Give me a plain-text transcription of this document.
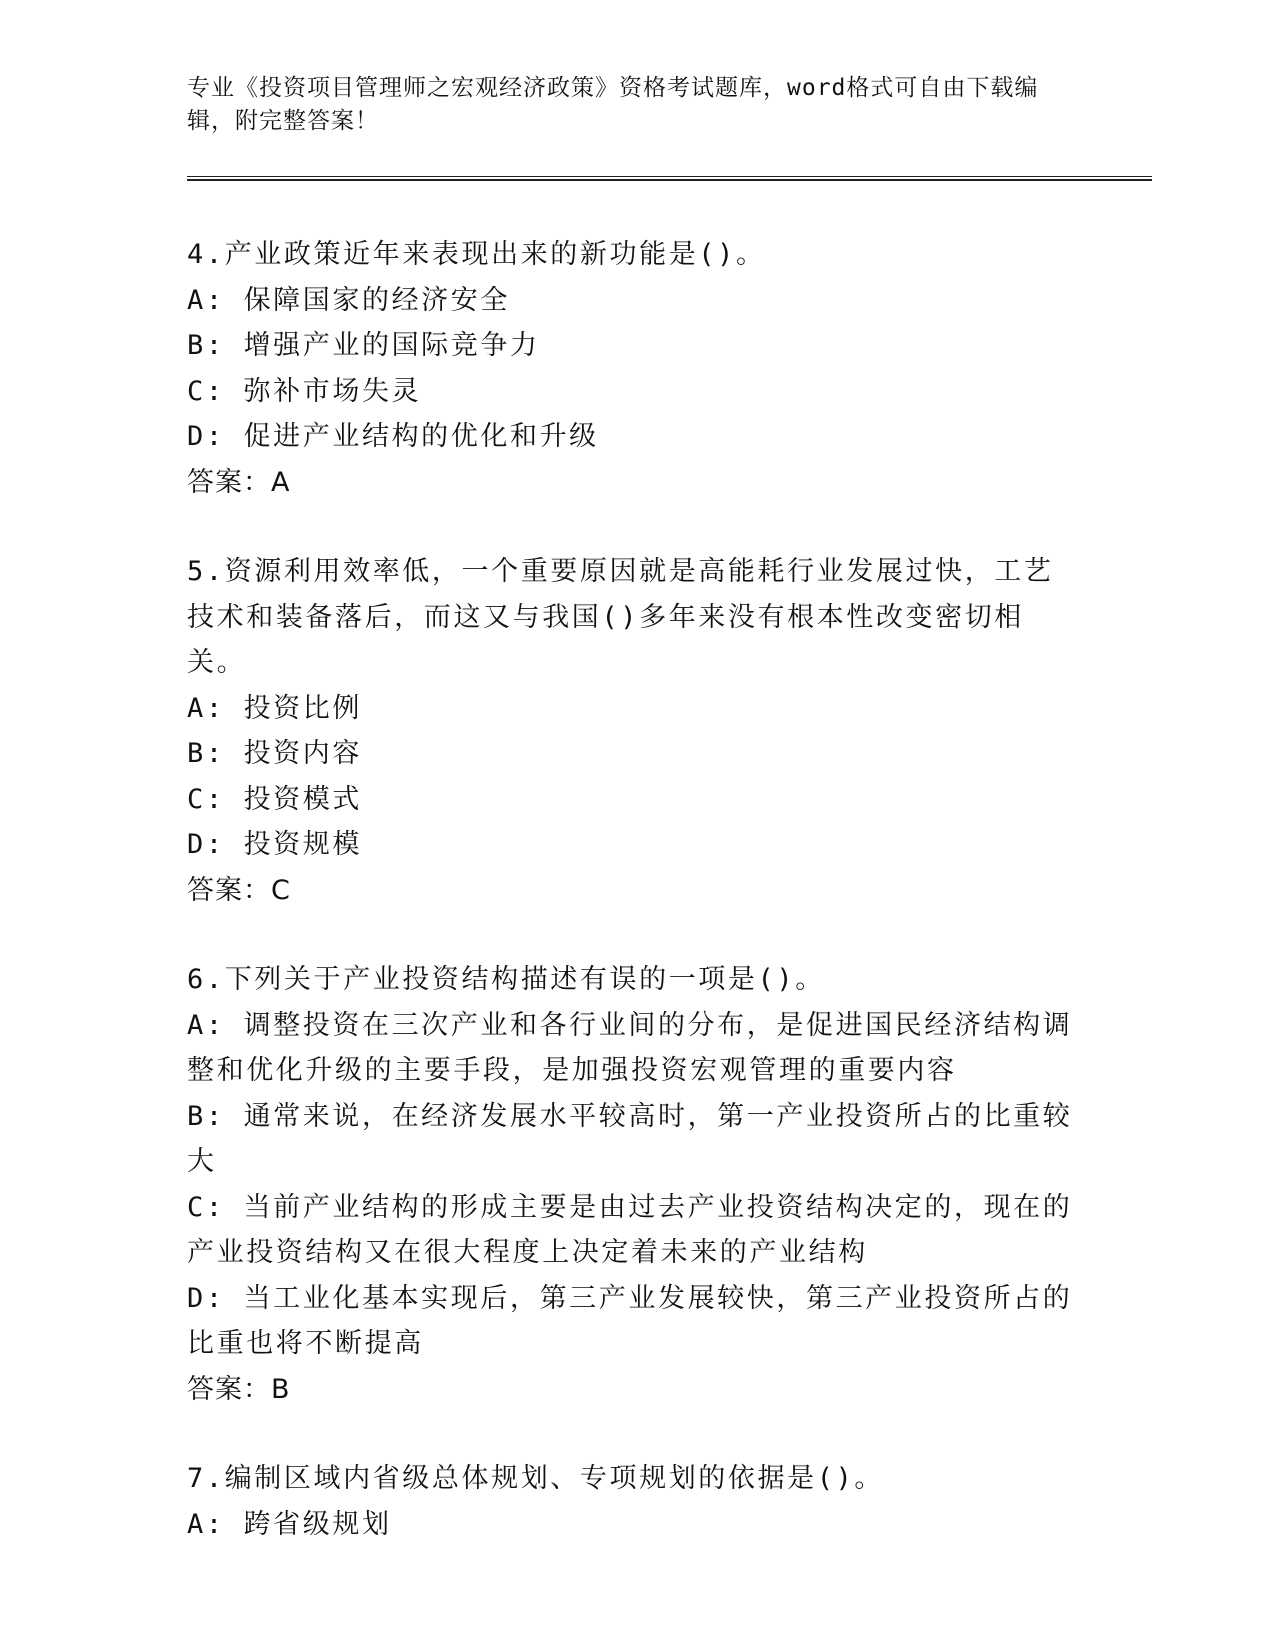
专业《投资项目管理师之宏观经济政策》资格考试题库，word格式可自由下载编辑，附完整答案！
4.产业政策近年来表现出来的新功能是()。
A: 保障国家的经济安全
B: 增强产业的国际竞争力
C: 弥补市场失灵
D: 促进产业结构的优化和升级
答案：A
5.资源利用效率低，一个重要原因就是高能耗行业发展过快，工艺技术和装备落后，而这又与我国()多年来没有根本性改变密切相关。
A: 投资比例
B: 投资内容
C: 投资模式
D: 投资规模
答案：C
6.下列关于产业投资结构描述有误的一项是()。
A: 调整投资在三次产业和各行业间的分布，是促进国民经济结构调整和优化升级的主要手段，是加强投资宏观管理的重要内容
B: 通常来说，在经济发展水平较高时，第一产业投资所占的比重较大
C: 当前产业结构的形成主要是由过去产业投资结构决定的，现在的产业投资结构又在很大程度上决定着未来的产业结构
D: 当工业化基本实现后，第三产业发展较快，第三产业投资所占的比重也将不断提高
答案：B
7.编制区域内省级总体规划、专项规划的依据是()。
A: 跨省级规划
